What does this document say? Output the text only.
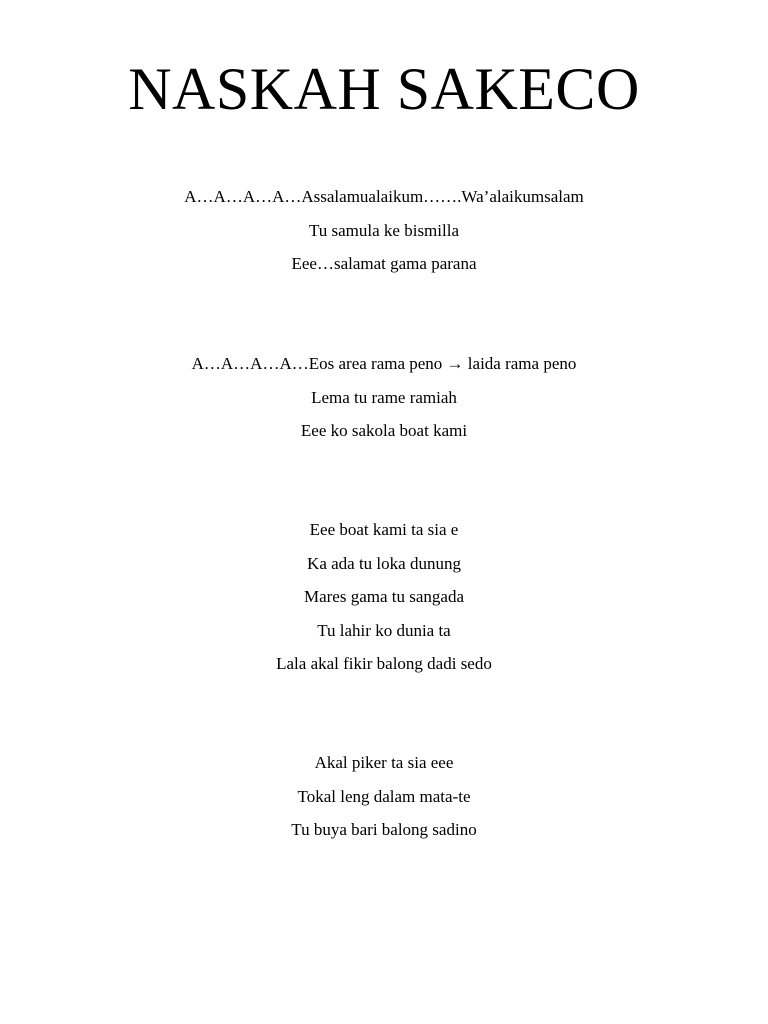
NASKAH SAKECO
A…A…A…A…Assalamualaikum…….Wa’alaikumsalam
Tu samula ke bismilla
Eee…salamat gama parana
A…A…A…A…Eos area rama peno → laida rama peno
Lema tu rame ramiah
Eee ko sakola boat kami
Eee boat kami ta sia e
Ka ada tu loka dunung
Mares gama tu sangada
Tu lahir ko dunia ta
Lala akal fikir balong dadi sedo
Akal piker ta sia eee
Tokal leng dalam mata-te
Tu buya bari balong sadino
